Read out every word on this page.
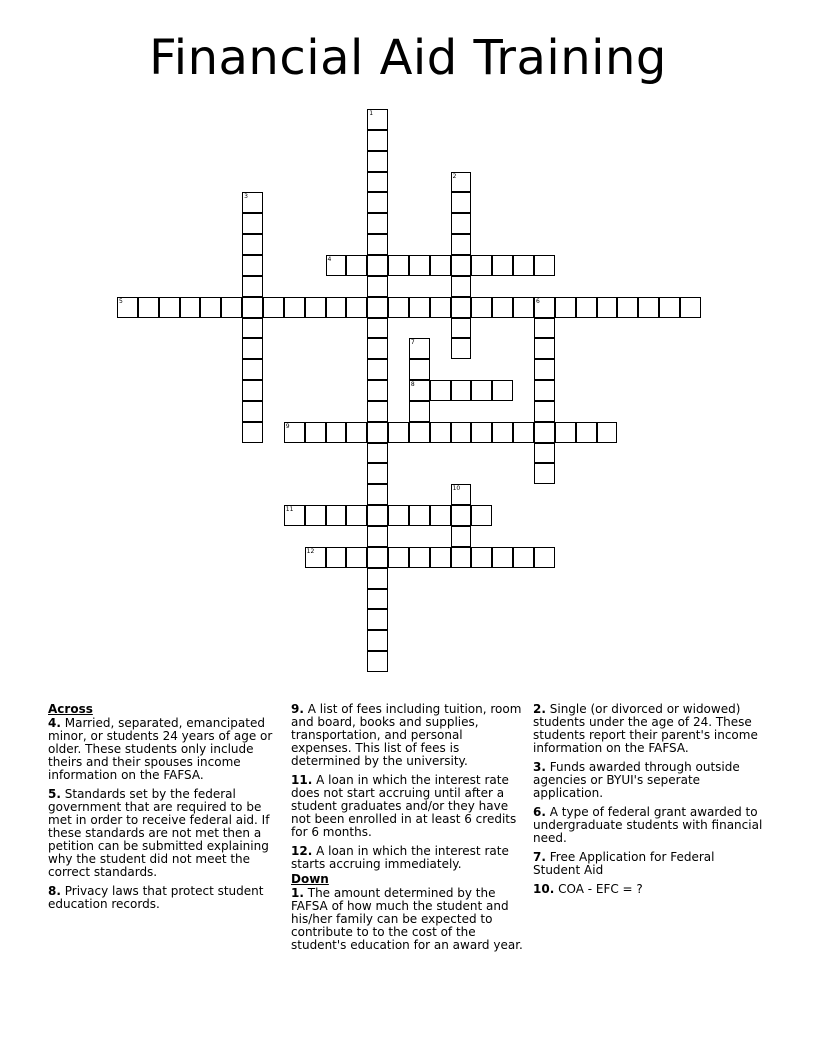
Financial Aid Training
1
2
3
4
5	6
7
8
9
10
11
12
Across

4. Married, separated, emancipated minor, or students 24 years of age or older. These students only include theirs and their spouses income information on the FAFSA.

5. Standards set by the federal government that are required to be met in order to receive federal aid. If these standards are not met then a petition can be submitted explaining why the student did not meet the correct standards.

8. Privacy laws that protect student education records.

9. A list of fees including tuition, room and board, books and supplies, transportation, and personal expenses. This list of fees is determined by the university.

11. A loan in which the interest rate does not start accruing until after a student graduates and/or they have not been enrolled in at least 6 credits for 6 months.

12. A loan in which the interest rate starts accruing immediately.

Down

1. The amount determined by the FAFSA of how much the student and his/her family can be expected to contribute to to the cost of the student's education for an award year.

2. Single (or divorced or widowed) students under the age of 24. These students report their parent's income information on the FAFSA.

3. Funds awarded through outside agencies or BYUI's seperate application.

6. A type of federal grant awarded to undergraduate students with financial need.

7. Free Application for Federal Student Aid

10. COA - EFC = ?
